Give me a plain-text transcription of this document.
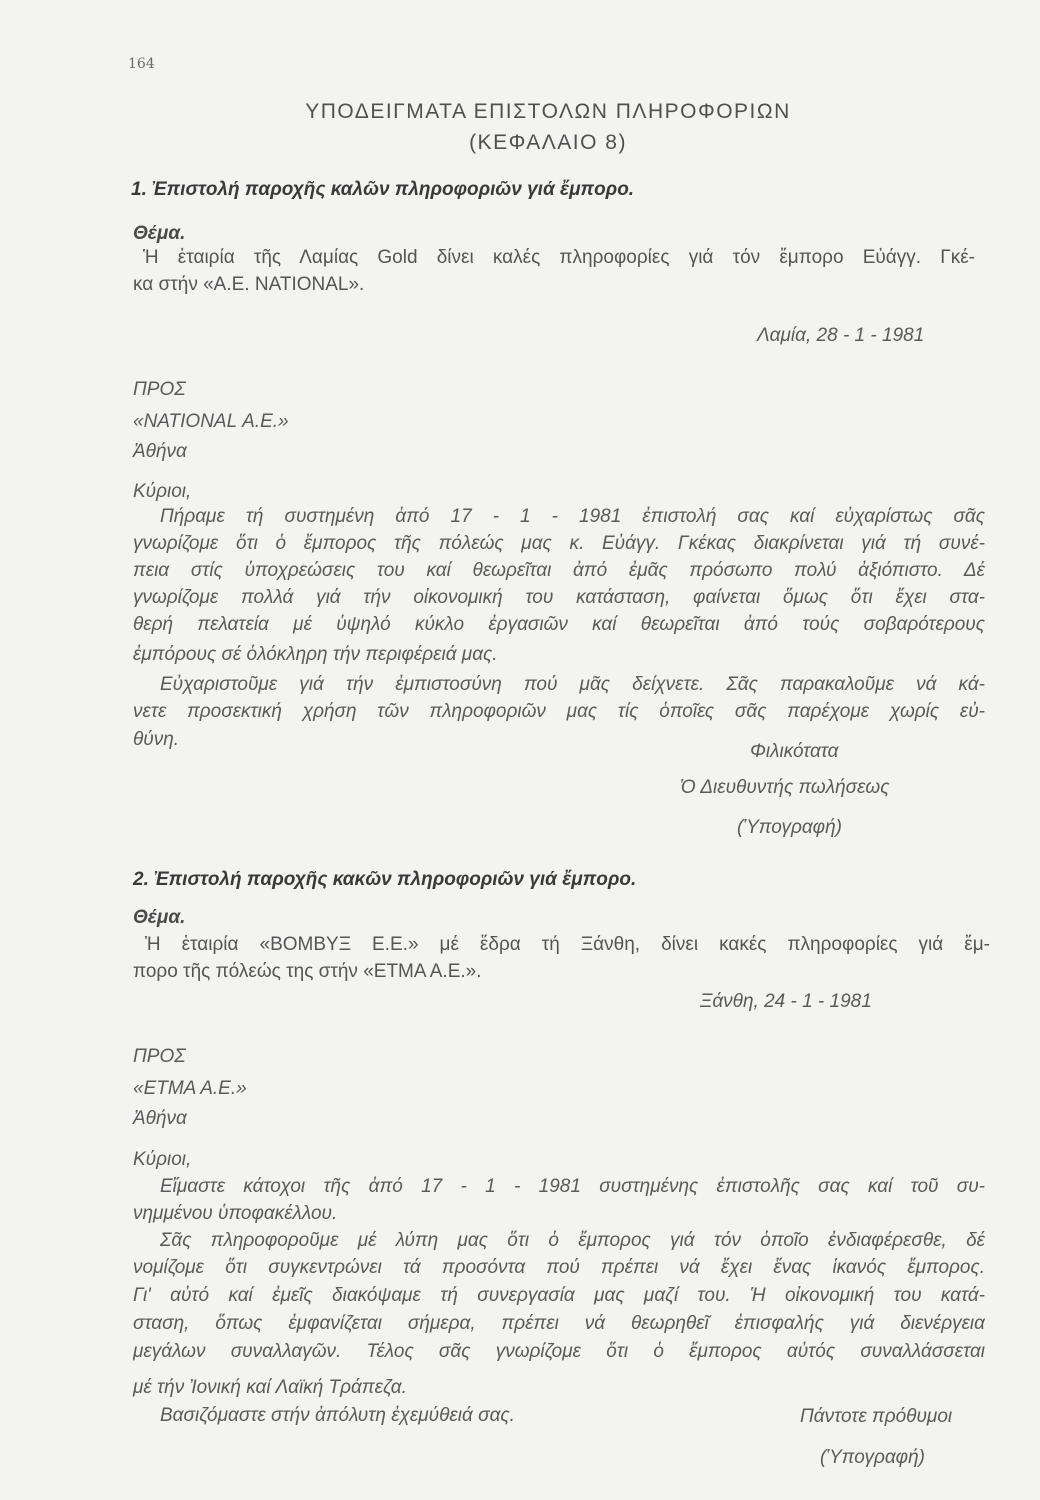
164
ΥΠΟΔΕΙΓΜΑΤΑ ΕΠΙΣΤΟΛΩΝ ΠΛΗΡΟΦΟΡΙΩΝ
(ΚΕΦΑΛΑΙΟ 8)
1. Ἐπιστολή παροχῆς καλῶν πληροφοριῶν γιά ἔμπορο.
Θέμα.
Ἡ ἑταιρία τῆς Λαμίας Gold δίνει καλές πληροφορίες γιά τόν ἔμπορο Εὐάγγ. Γκέ-
κα στήν «Α.Ε. NATIONAL».
Λαμία, 28 - 1 - 1981
ΠΡΟΣ
«NATIONAL Α.Ε.»
Ἀθήνα
Κύριοι,
Πήραμε τή συστημένη ἀπό 17 - 1 - 1981 ἐπιστολή σας καί εὐχαρίστως σᾶς
γνωρίζομε ὅτι ὁ ἔμπορος τῆς πόλεώς μας κ. Εὐάγγ. Γκέκας διακρίνεται γιά τή συνέ-
πεια στίς ὑποχρεώσεις του καί θεωρεῖται ἀπό ἐμᾶς πρόσωπο πολύ ἀξιόπιστο. Δέ
γνωρίζομε πολλά γιά τήν οἰκονομική του κατάσταση, φαίνεται ὅμως ὅτι ἔχει στα-
θερή πελατεία μέ ὑψηλό κύκλο ἐργασιῶν καί θεωρεῖται ἀπό τούς σοβαρότερους
ἐμπόρους σέ ὁλόκληρη τήν περιφέρειά μας.
Εὐχαριστοῦμε γιά τήν ἐμπιστοσύνη πού μᾶς δείχνετε. Σᾶς παρακαλοῦμε νά κά-
νετε προσεκτική χρήση τῶν πληροφοριῶν μας τίς ὁποῖες σᾶς παρέχομε χωρίς εὐ-
θύνη.
Φιλικότατα
Ὁ Διευθυντής πωλήσεως
(Ὑπογραφή)
2. Ἐπιστολή παροχῆς κακῶν πληροφοριῶν γιά ἔμπορο.
Θέμα.
Ἡ ἑταιρία «ΒΟΜΒΥΞ Ε.Ε.» μέ ἕδρα τή Ξάνθη, δίνει κακές πληροφορίες γιά ἔμ-
πορο τῆς πόλεώς της στήν «ΕΤΜΑ Α.Ε.».
Ξάνθη, 24 - 1 - 1981
ΠΡΟΣ
«ΕΤΜΑ Α.Ε.»
Ἀθήνα
Κύριοι,
Εἴμαστε κάτοχοι τῆς ἀπό 17 - 1 - 1981 συστημένης ἐπιστολῆς σας καί τοῦ συ-
νημμένου ὑποφακέλλου.
Σᾶς πληροφοροῦμε μέ λύπη μας ὅτι ὁ ἔμπορος γιά τόν ὁποῖο ἐνδιαφέρεσθε, δέ
νομίζομε ὅτι συγκεντρώνει τά προσόντα πού πρέπει νά ἔχει ἕνας ἱκανός ἔμπορος.
Γι' αὐτό καί ἐμεῖς διακόψαμε τή συνεργασία μας μαζί του. Ἡ οἰκονομική του κατά-
σταση, ὅπως ἐμφανίζεται σήμερα, πρέπει νά θεωρηθεῖ ἐπισφαλής γιά διενέργεια
μεγάλων συναλλαγῶν. Τέλος σᾶς γνωρίζομε ὅτι ὁ ἔμπορος αὐτός συναλλάσσεται
μέ τήν Ἰονική καί Λαϊκή Τράπεζα.
Βασιζόμαστε στήν ἀπόλυτη ἐχεμύθειά σας.	Πάντοτε πρόθυμοι
(Ὑπογραφή)
